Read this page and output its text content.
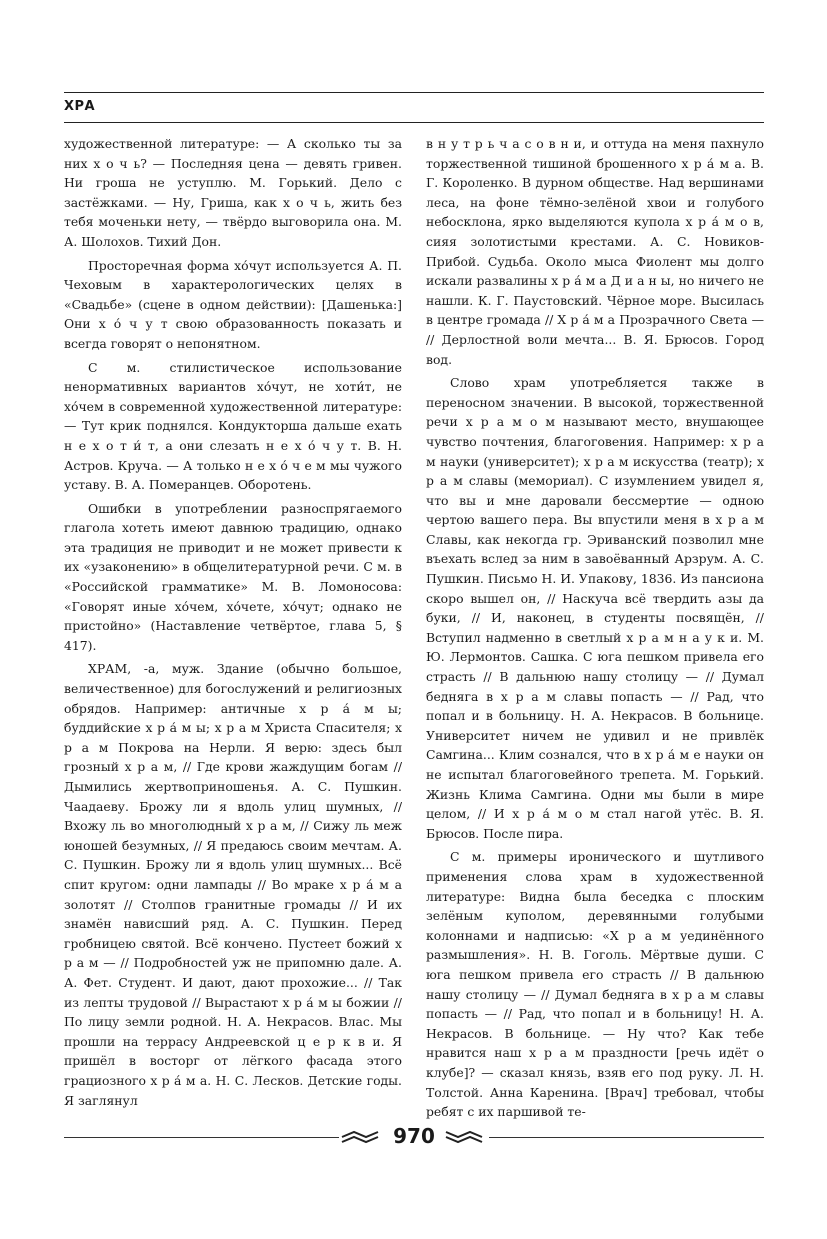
ХРА

художественной литературе: — А сколько ты за них х о ч ь? — Последняя цена — девять гривен. Ни гроша не уступлю. М. Горький. Дело с застёжками. — Ну, Гриша, как х о ч ь, жить без тебя моченьки нету, — твёрдо выговорила она. М. А. Шолохов. Тихий Дон.

Просторечная форма хо́чут используется А. П. Чеховым в характерологических целях в «Свадьбе» (сцене в одном действии): [Дашенька:] Они х о́ ч у т свою образованность показать и всегда говорят о непонятном.

С м. стилистическое использование ненормативных вариантов хо́чут, не хоти́т, не хо́чем в современной художественной литературе: — Тут крик поднялся. Кондукторша дальше ехать н е х о т и́ т, а они слезать н е х о́ ч у т. В. Н. Астров. Круча. — А только н е х о́ ч е м мы чужого уставу. В. А. Померанцев. Оборотень.

Ошибки в употреблении разноспрягаемого глагола хотеть имеют давнюю традицию, однако эта традиция не приводит и не может привести к их «узаконению» в общелитературной речи. С м. в «Российской грамматике» М. В. Ломоносова: «Говорят иные хо́чем, хо́чете, хо́чут; однако не пристойно» (Наставление четвёртое, глава 5, § 417).

ХРАМ, -а, муж. Здание (обычно большое, величественное) для богослужений и религиозных обрядов. Например: античные х р а́ м ы; буддийские х р а́ м ы; х р а м Христа Спасителя; х р а м Покрова на Нерли. Я верю: здесь был грозный х р а м, // Где крови жаждущим богам // Дымились жертвоприношенья. А. С. Пушкин. Чаадаеву. Брожу ли я вдоль улиц шумных, // Вхожу ль во многолюдный х р а м, // Сижу ль меж юношей безумных, // Я предаюсь своим мечтам. А. С. Пушкин. Брожу ли я вдоль улиц шумных... Всё спит кругом: одни лампады // Во мраке х р а́ м а золотят // Столпов гранитные громады // И их знамён нависший ряд. А. С. Пушкин. Перед гробницею святой. Всё кончено. Пустеет божий х р а м — // Подробностей уж не припомню дале. А. А. Фет. Студент. И дают, дают прохожие... // Так из лепты трудовой // Вырастают х р а́ м ы божии // По лицу земли родной. Н. А. Некрасов. Влас. Мы прошли на террасу Андреевской ц е р к в и. Я пришёл в восторг от лёгкого фасада этого грациозного х р а́ м а. Н. С. Лесков. Детские годы. Я заглянул

в н у т р ь ч а с о в н и, и оттуда на меня пахнуло торжественной тишиной брошенного х р а́ м а. В. Г. Короленко. В дурном обществе. Над вершинами леса, на фоне тёмно-зелёной хвои и голубого небосклона, ярко выделяются купола х р а́ м о в, сияя золотистыми крестами. А. С. Новиков-Прибой. Судьба. Около мыса Фиолент мы долго искали развалины х р а́ м а Д и а н ы, но ничего не нашли. К. Г. Паустовский. Чёрное море. Высилась в центре громада // Х р а́ м а Прозрачного Света — // Дерлостной воли мечта... В. Я. Брюсов. Город вод.

Слово храм употребляется также в переносном значении. В высокой, торжественной речи х р а м о м называют место, внушающее чувство почтения, благоговения. Например: х р а м науки (университет); х р а м искусства (театр); х р а м славы (мемориал). С изумлением увидел я, что вы и мне даровали бессмертие — одною чертою вашего пера. Вы впустили меня в х р а м Славы, как некогда гр. Эриванский позволил мне въехать вслед за ним в завоёванный Арзрум. А. С. Пушкин. Письмо Н. И. Упакову, 1836. Из пансиона скоро вышел он, // Наскуча всё твердить азы да буки, // И, наконец, в студенты посвящён, // Вступил надменно в светлый х р а м н а у к и. М. Ю. Лермонтов. Сашка. С юга пешком привела его страсть // В дальнюю нашу столицу — // Думал бедняга в х р а м славы попасть — // Рад, что попал и в больницу. Н. А. Некрасов. В больнице. Университет ничем не удивил и не привлёк Самгина... Клим сознался, что в х р а́ м е науки он не испытал благоговейного трепета. М. Горький. Жизнь Клима Самгина. Одни мы были в мире целом, // И х р а́ м о м стал нагой утёс. В. Я. Брюсов. После пира.

С м. примеры иронического и шутливого применения слова храм в художественной литературе: Видна была беседка с плоским зелёным куполом, деревянными голубыми колоннами и надписью: «Х р а м уединённого размышления». Н. В. Гоголь. Мёртвые души. С юга пешком привела его страсть // В дальнюю нашу столицу — // Думал бедняга в х р а м славы попасть — // Рад, что попал и в больницу! Н. А. Некрасов. В больнице. — Ну что? Как тебе нравится наш х р а м праздности [речь идёт о клубе]? — сказал князь, взяв его под руку. Л. Н. Толстой. Анна Каренина. [Врач] требовал, чтобы ребят с их паршивой те-

970
